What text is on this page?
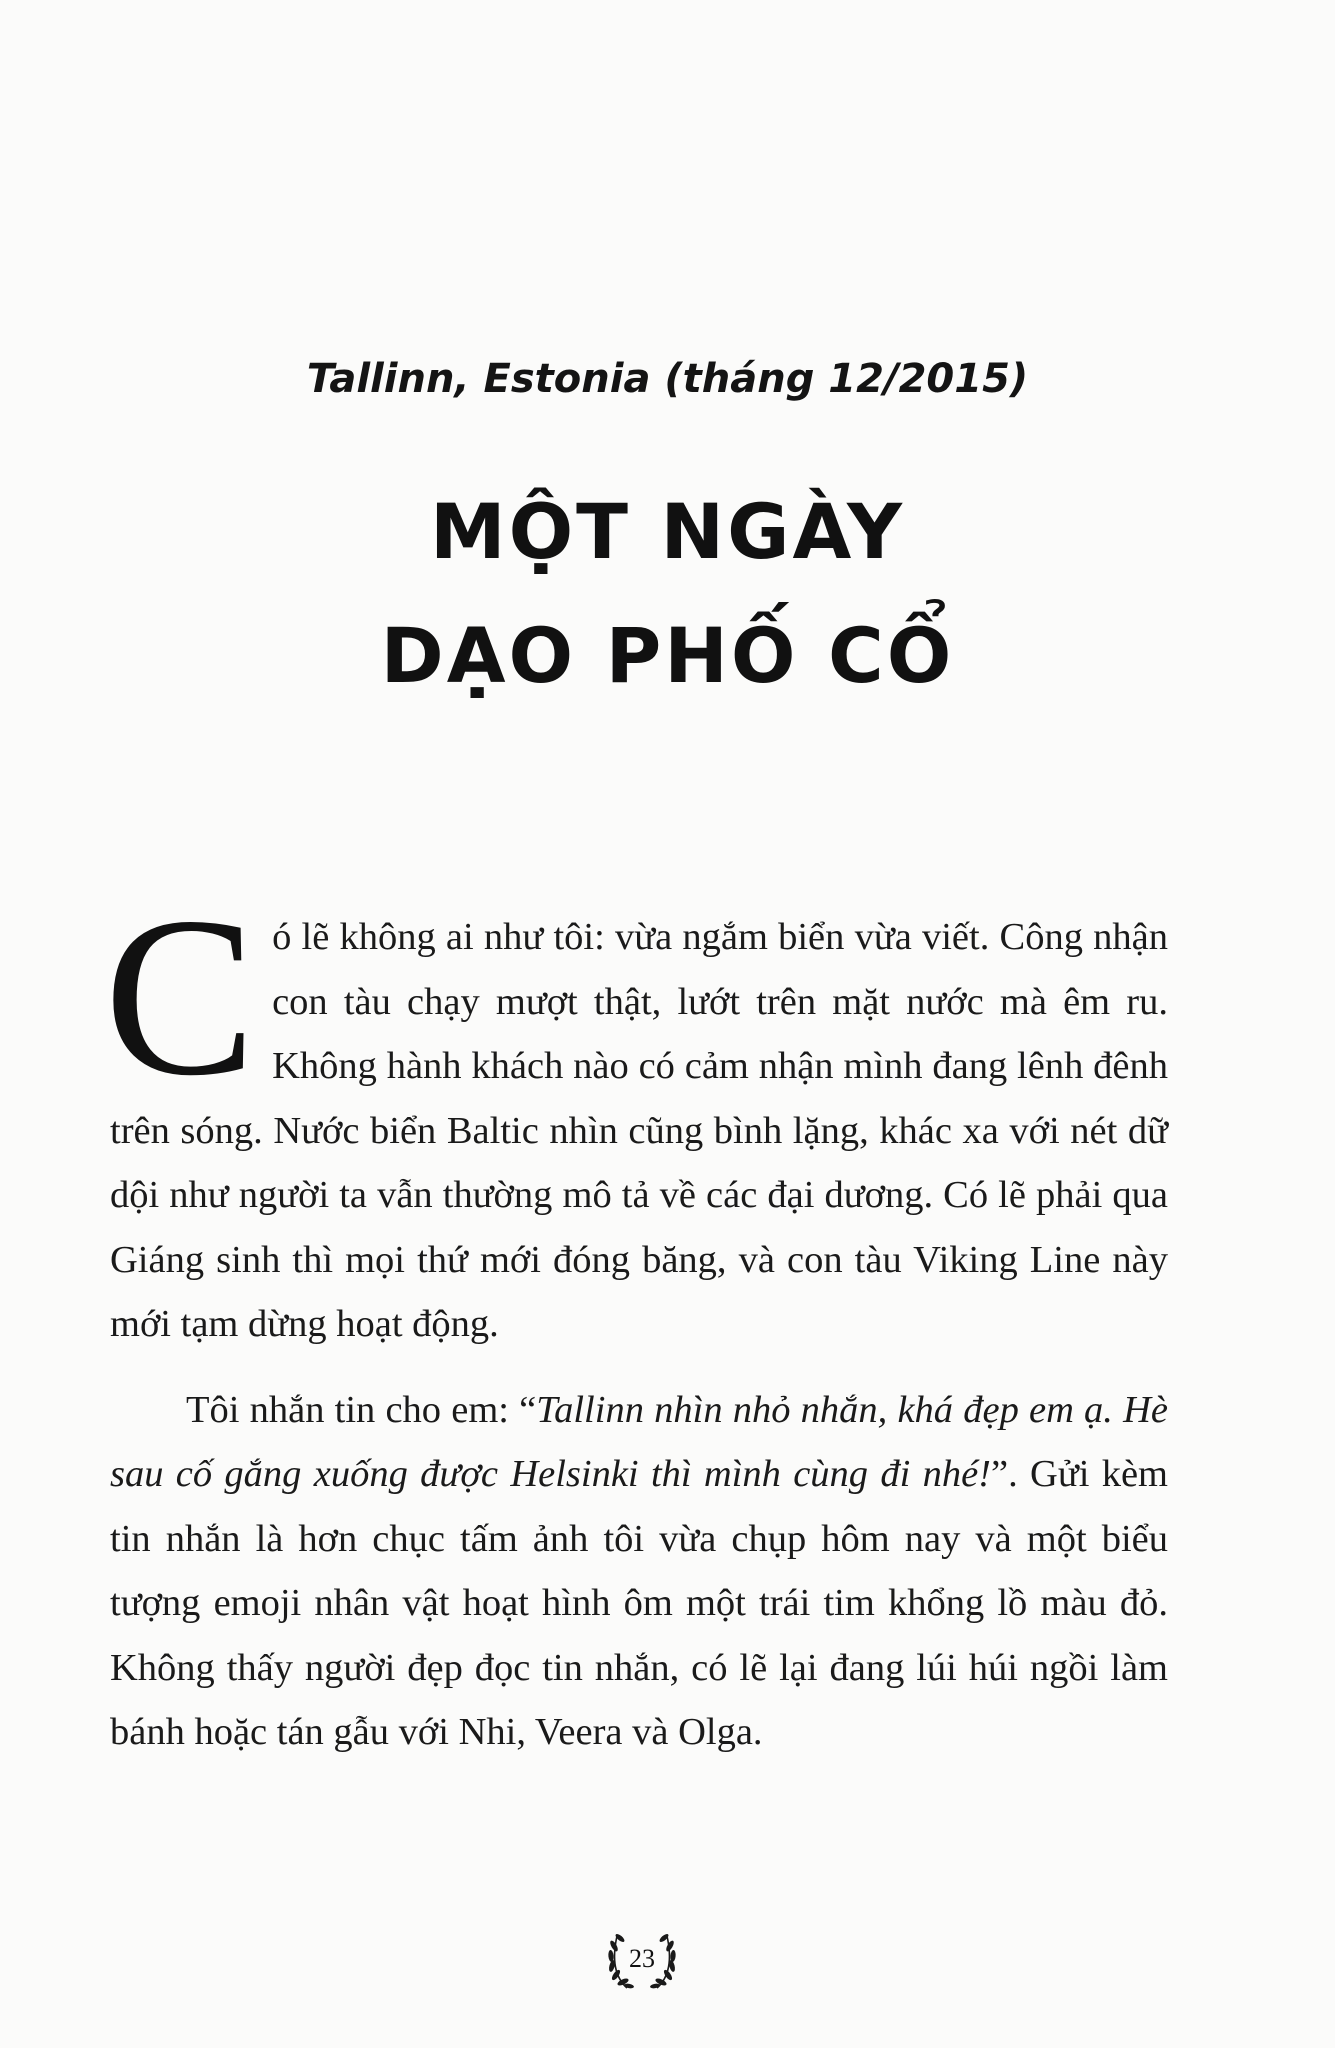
Tallinn, Estonia (tháng 12/2015)
MỘT NGÀY
DẠO PHỐ CỔ

Có lẽ không ai như tôi: vừa ngắm biển vừa viết. Công nhận con tàu chạy mượt thật, lướt trên mặt nước mà êm ru. Không hành khách nào có cảm nhận mình đang lênh đênh trên sóng. Nước biển Baltic nhìn cũng bình lặng, khác xa với nét dữ dội như người ta vẫn thường mô tả về các đại dương. Có lẽ phải qua Giáng sinh thì mọi thứ mới đóng băng, và con tàu Viking Line này mới tạm dừng hoạt động.

Tôi nhắn tin cho em: “Tallinn nhìn nhỏ nhắn, khá đẹp em ạ. Hè sau cố gắng xuống được Helsinki thì mình cùng đi nhé!”. Gửi kèm tin nhắn là hơn chục tấm ảnh tôi vừa chụp hôm nay và một biểu tượng emoji nhân vật hoạt hình ôm một trái tim khổng lồ màu đỏ. Không thấy người đẹp đọc tin nhắn, có lẽ lại đang lúi húi ngồi làm bánh hoặc tán gẫu với Nhi, Veera và Olga.

23
